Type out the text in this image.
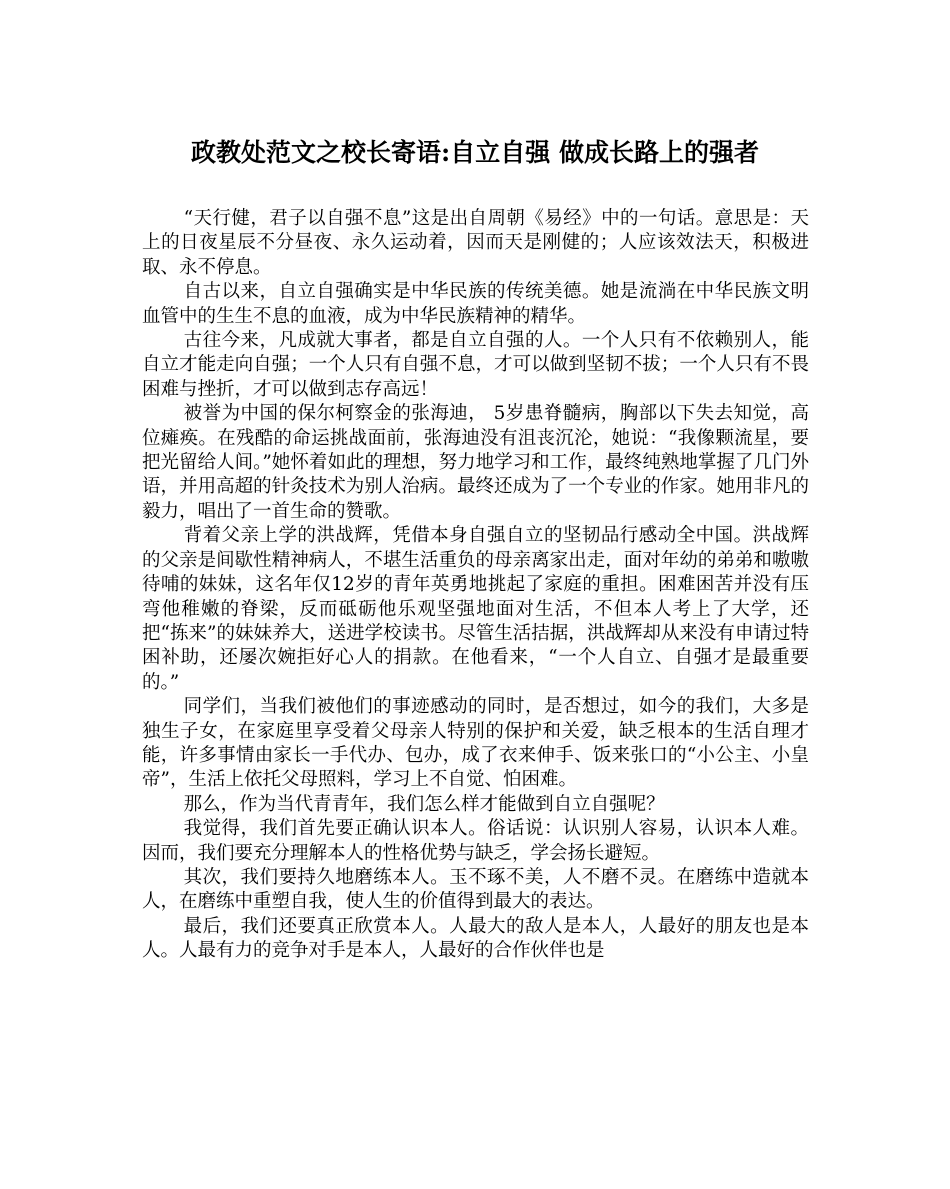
政教处范文之校长寄语:自立自强 做成长路上的强者

“天行健，君子以自强不息”这是出自周朝《易经》中的一句话。意思是：天上的日夜星辰不分昼夜、永久运动着，因而天是刚健的；人应该效法天，积极进取、永不停息。

自古以来，自立自强确实是中华民族的传统美德。她是流淌在中华民族文明血管中的生生不息的血液，成为中华民族精神的精华。

古往今来，凡成就大事者，都是自立自强的人。一个人只有不依赖别人，能自立才能走向自强；一个人只有自强不息，才可以做到坚韧不拔；一个人只有不畏困难与挫折，才可以做到志存高远！

被誉为中国的保尔柯察金的张海迪， 5岁患脊髓病，胸部以下失去知觉，高位瘫痪。在残酷的命运挑战面前，张海迪没有沮丧沉沦，她说：“我像颗流星，要把光留给人间。”她怀着如此的理想，努力地学习和工作，最终纯熟地掌握了几门外语，并用高超的针灸技术为别人治病。最终还成为了一个专业的作家。她用非凡的毅力，唱出了一首生命的赞歌。

背着父亲上学的洪战辉，凭借本身自强自立的坚韧品行感动全中国。洪战辉的父亲是间歇性精神病人，不堪生活重负的母亲离家出走，面对年幼的弟弟和嗷嗷待哺的妹妹，这名年仅12岁的青年英勇地挑起了家庭的重担。困难困苦并没有压弯他稚嫩的脊梁，反而砥砺他乐观坚强地面对生活，不但本人考上了大学，还把“拣来”的妹妹养大，送进学校读书。尽管生活拮据，洪战辉却从来没有申请过特困补助，还屡次婉拒好心人的捐款。在他看来，“一个人自立、自强才是最重要的。”

同学们，当我们被他们的事迹感动的同时，是否想过，如今的我们，大多是独生子女，在家庭里享受着父母亲人特别的保护和关爱，缺乏根本的生活自理才能，许多事情由家长一手代办、包办，成了衣来伸手、饭来张口的“小公主、小皇帝”，生活上依托父母照料，学习上不自觉、怕困难。

那么，作为当代青青年，我们怎么样才能做到自立自强呢？

我觉得，我们首先要正确认识本人。俗话说：认识别人容易，认识本人难。因而，我们要充分理解本人的性格优势与缺乏，学会扬长避短。

其次，我们要持久地磨练本人。玉不琢不美，人不磨不灵。在磨练中造就本人，在磨练中重塑自我，使人生的价值得到最大的表达。

最后，我们还要真正欣赏本人。人最大的敌人是本人，人最好的朋友也是本人。人最有力的竞争对手是本人，人最好的合作伙伴也是
